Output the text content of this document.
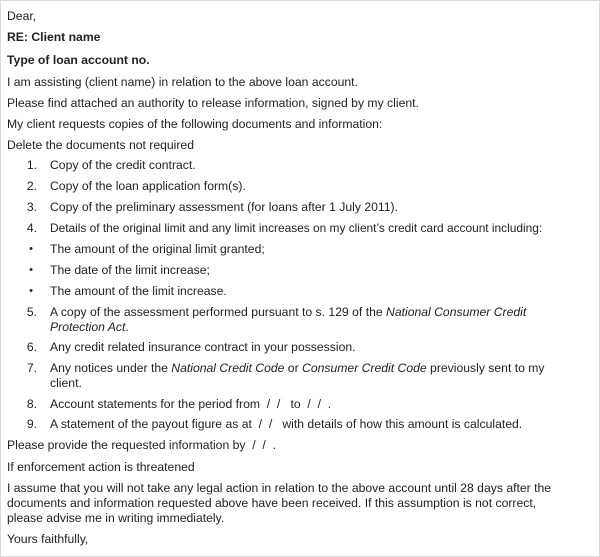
Dear,
RE: Client name
Type of loan account no.
I am assisting (client name) in relation to the above loan account.
Please find attached an authority to release information, signed by my client.
My client requests copies of the following documents and information:
Delete the documents not required
1. Copy of the credit contract.
2. Copy of the loan application form(s).
3. Copy of the preliminary assessment (for loans after 1 July 2011).
4. Details of the original limit and any limit increases on my client’s credit card account including:
•	The amount of the original limit granted;
•	The date of the limit increase;
•	The amount of the limit increase.
5. A copy of the assessment performed pursuant to s. 129 of the National Consumer Credit
Protection Act.
6. Any credit related insurance contract in your possession.
7. Any notices under the National Credit Code or Consumer Credit Code previously sent to my
client.
8. Account statements for the period from  /  /   to  /  /  .
9. A statement of the payout figure as at  /  /   with details of how this amount is calculated.
Please provide the requested information by  /  /  .
If enforcement action is threatened
I assume that you will not take any legal action in relation to the above account until 28 days after the
documents and information requested above have been received. If this assumption is not correct,
please advise me in writing immediately.
Yours faithfully,
